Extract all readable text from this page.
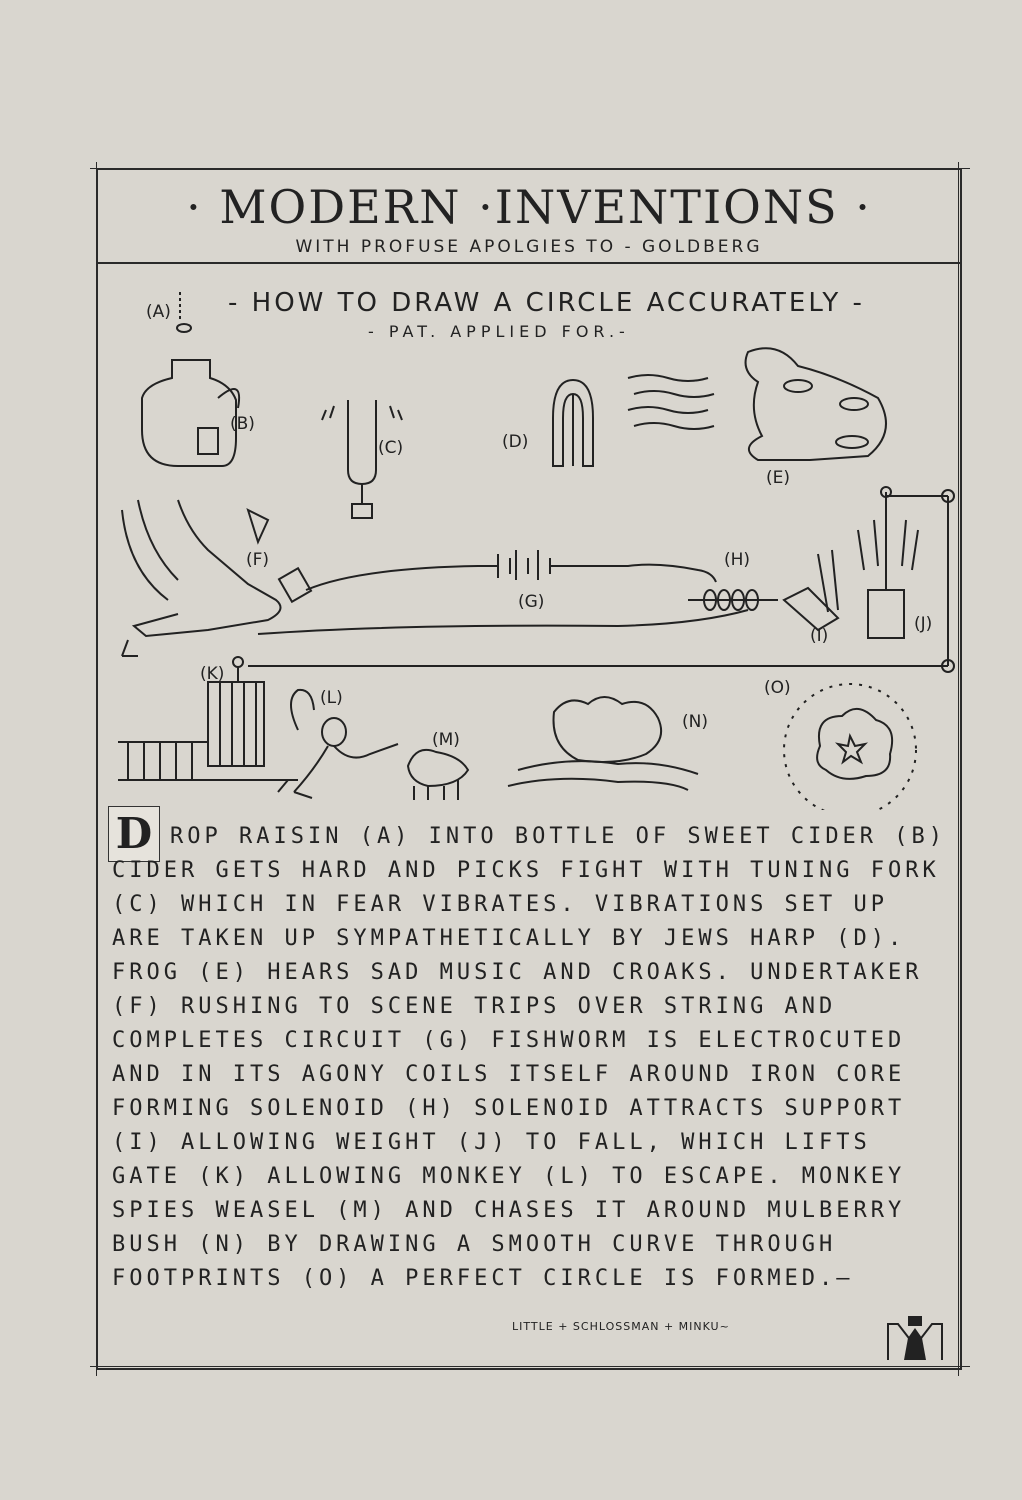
· MODERN ·INVENTIONS ·
WITH PROFUSE APOLGIES TO - GOLDBERG
- HOW TO DRAW A CIRCLE ACCURATELY -
- PAT. APPLIED FOR.-
(A)
(B)
(C)	(D)
(E)
(F)
(G)
(H)
(I)
(J)
(K)
(L)
(M)
(N)
(O)
D ROP RAISIN (A) INTO BOTTLE OF SWEET CIDER (B) CIDER GETS HARD AND PICKS FIGHT WITH TUNING FORK (C) WHICH IN FEAR VIBRATES. VIBRATIONS SET UP ARE TAKEN UP SYMPATHETICALLY BY JEWS HARP (D). FROG (E) HEARS SAD MUSIC AND CROAKS. UNDERTAKER (F) RUSHING TO SCENE TRIPS OVER STRING AND COMPLETES CIRCUIT (G) FISHWORM IS ELECTROCUTED AND IN ITS AGONY COILS ITSELF AROUND IRON CORE FORMING SOLENOID (H) SOLENOID ATTRACTS SUPPORT (I) ALLOWING WEIGHT (J) TO FALL, WHICH LIFTS GATE (K) ALLOWING MONKEY (L) TO ESCAPE. MONKEY SPIES WEASEL (M) AND CHASES IT AROUND MULBERRY BUSH (N) BY DRAWING A SMOOTH CURVE THROUGH FOOTPRINTS (O) A PERFECT CIRCLE IS FORMED.—
LITTLE + SCHLOSSMAN + MINKU~
